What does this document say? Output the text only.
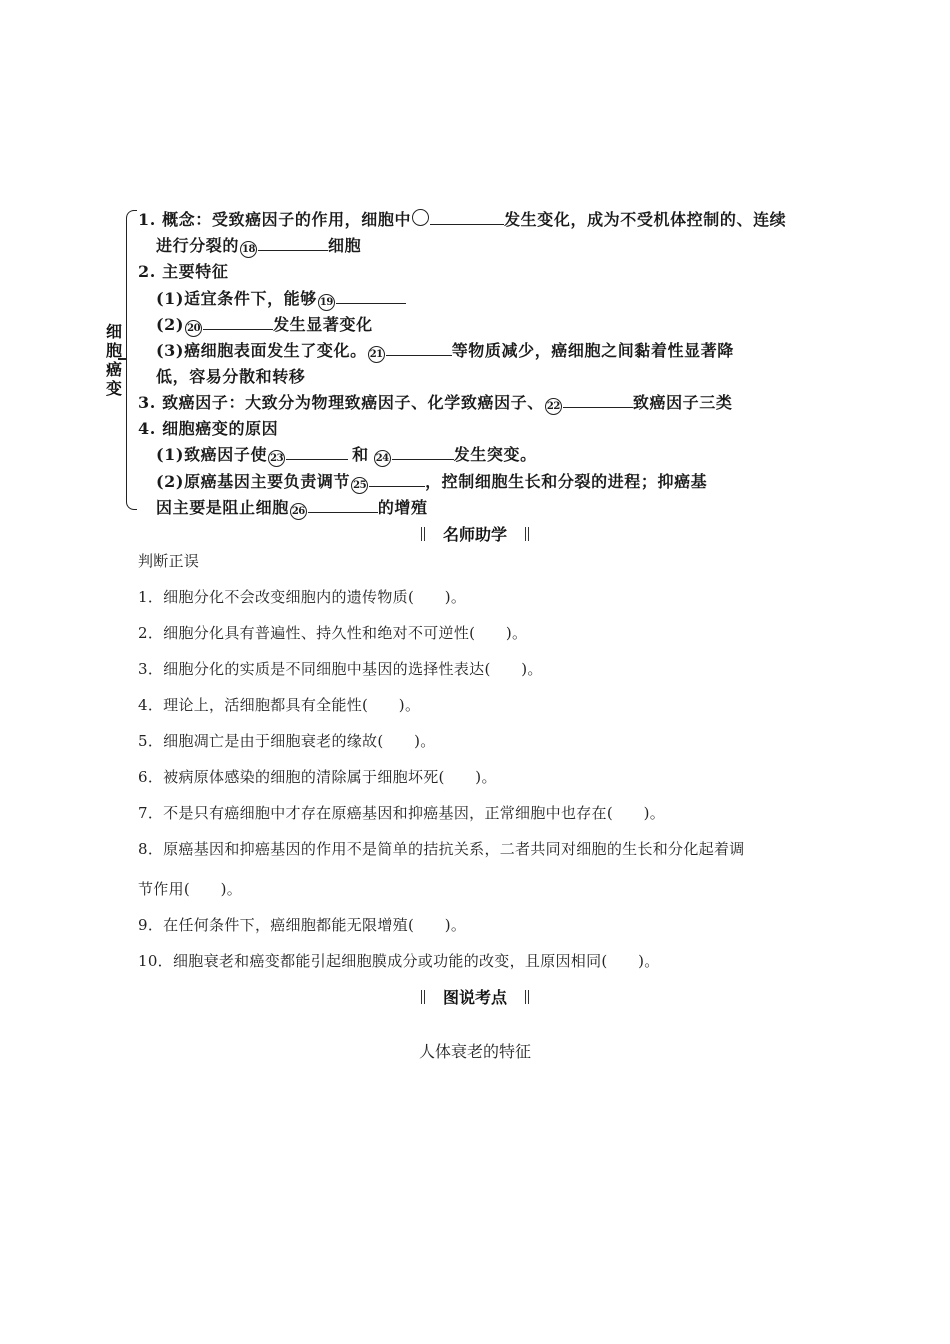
细胞癌变
1. 概念：受致癌因子的作用，细胞中	发生变化，成为不受机体控制的、连续
进行分裂的 18	细胞
2. 主要特征
(1)适宜条件下，能够 19
(2) 20	发生显著变化
(3)癌细胞表面发生了变化。 21	等物质减少，癌细胞之间黏着性显著降
低，容易分散和转移
3. 致癌因子：大致分为物理致癌因子、化学致癌因子、 22	致癌因子三类
4. 细胞癌变的原因
(1)致癌因子使 23	和 24	发生突变。
(2)原癌基因主要负责调节 25	，控制细胞生长和分裂的进程；抑癌基
因主要是阻止细胞 26	的增殖
名师助学
判断正误
1．细胞分化不会改变细胞内的遗传物质(　　)。
2．细胞分化具有普遍性、持久性和绝对不可逆性(　　)。
3．细胞分化的实质是不同细胞中基因的选择性表达(　　)。
4．理论上，活细胞都具有全能性(　　)。
5．细胞凋亡是由于细胞衰老的缘故(　　)。
6．被病原体感染的细胞的清除属于细胞坏死(　　)。
7．不是只有癌细胞中才存在原癌基因和抑癌基因，正常细胞中也存在(　　)。
8．原癌基因和抑癌基因的作用不是简单的拮抗关系，二者共同对细胞的生长和分化起着调
节作用(　　)。
9．在任何条件下，癌细胞都能无限增殖(　　)。
10．细胞衰老和癌变都能引起细胞膜成分或功能的改变，且原因相同(　　)。
图说考点
人体衰老的特征
